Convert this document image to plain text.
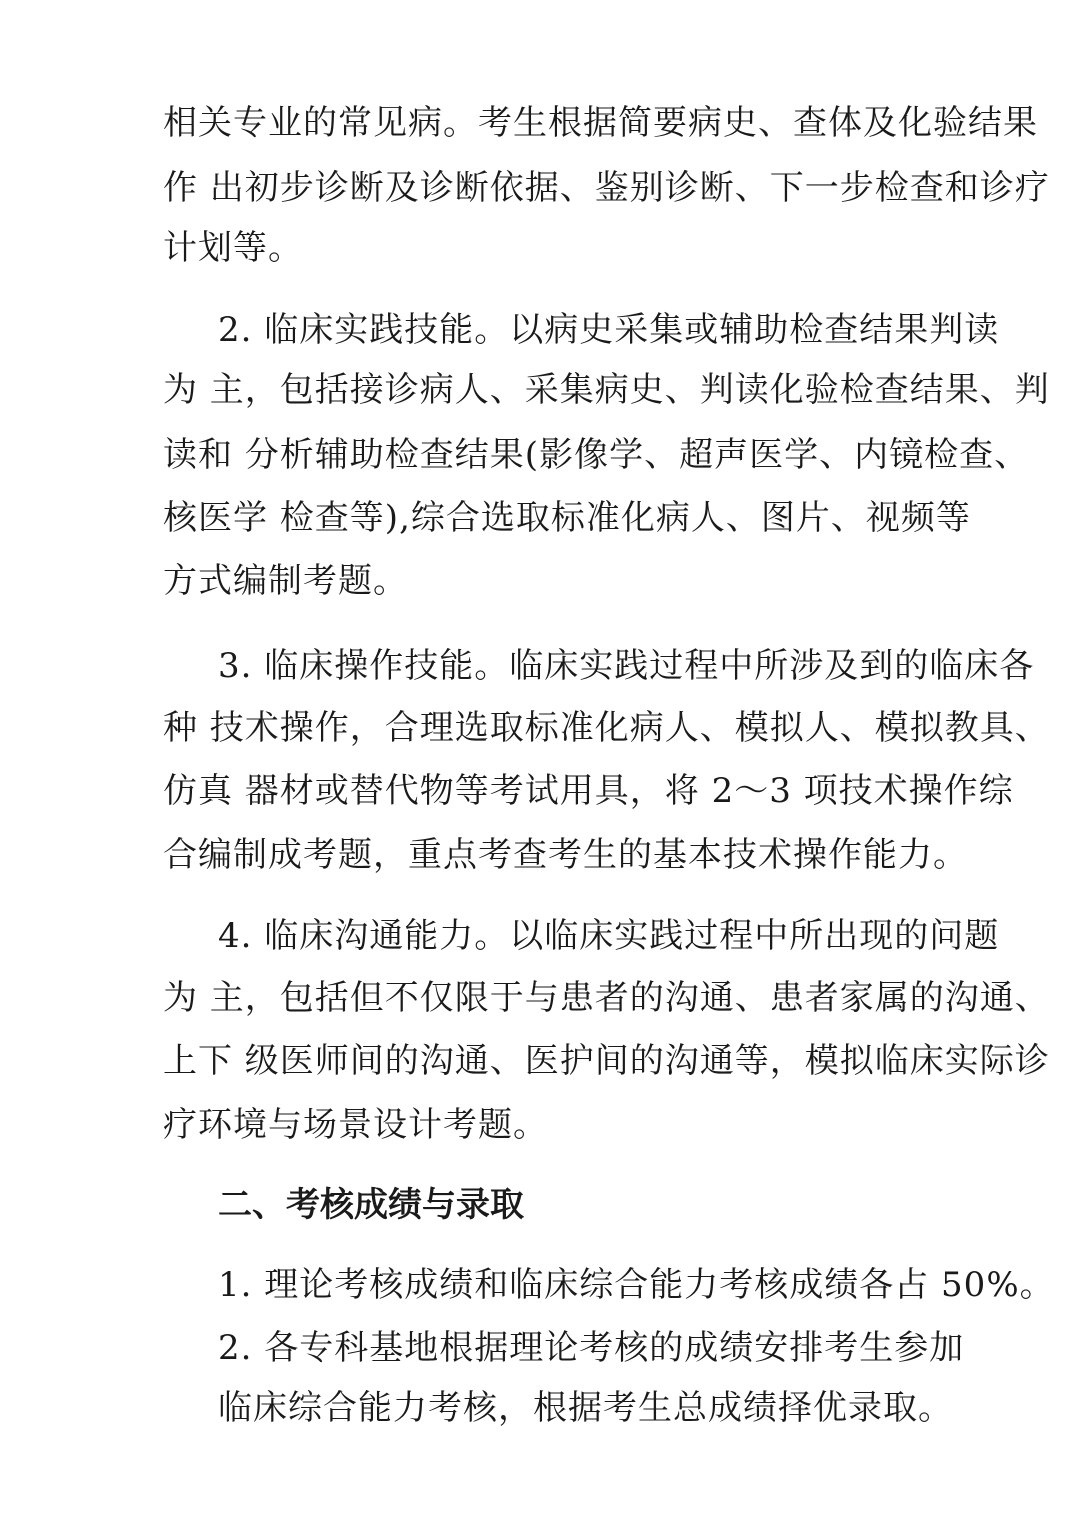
相关专业的常见病。考生根据简要病史、查体及化验结果
作 出初步诊断及诊断依据、鉴别诊断、下一步检查和诊疗
计划等。
2. 临床实践技能。以病史采集或辅助检查结果判读
为 主，包括接诊病人、采集病史、判读化验检查结果、判
读和 分析辅助检查结果(影像学、超声医学、内镜检查、
核医学 检查等),综合选取标准化病人、图片、视频等
方式编制考题。
3. 临床操作技能。临床实践过程中所涉及到的临床各
种 技术操作，合理选取标准化病人、模拟人、模拟教具、
仿真 器材或替代物等考试用具，将 2～3 项技术操作综
合编制成考题，重点考查考生的基本技术操作能力。
4. 临床沟通能力。以临床实践过程中所出现的问题
为 主，包括但不仅限于与患者的沟通、患者家属的沟通、
上下 级医师间的沟通、医护间的沟通等，模拟临床实际诊
疗环境与场景设计考题。
二、考核成绩与录取
1. 理论考核成绩和临床综合能力考核成绩各占 50%。
2. 各专科基地根据理论考核的成绩安排考生参加
临床综合能力考核，根据考生总成绩择优录取。
